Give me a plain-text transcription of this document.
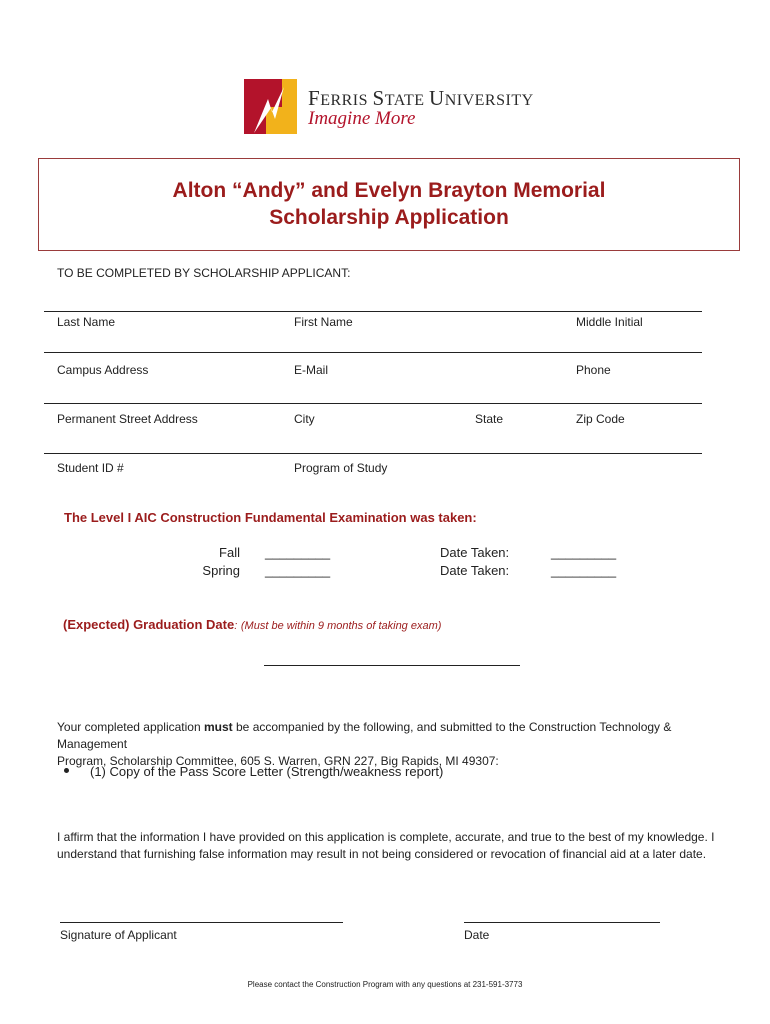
FERRIS STATE UNIVERSITY
Imagine More
Alton “Andy” and Evelyn Brayton Memorial
Scholarship Application
TO BE COMPLETED BY SCHOLARSHIP APPLICANT:
Last Name	First Name	Middle Initial
Campus Address	E-Mail	Phone
Permanent Street Address	City	State	Zip Code
Student ID #	Program of Study
The Level I AIC Construction Fundamental Examination was taken:
Fall _________	Date Taken:	_________
Spring _________	Date Taken:	_________
(Expected) Graduation Date: (Must be within 9 months of taking exam)
Your completed application must be accompanied by the following, and submitted to the Construction Technology & Management
Program, Scholarship Committee, 605 S. Warren, GRN 227, Big Rapids, MI 49307:
(1) Copy of the Pass Score Letter (Strength/weakness report)
I affirm that the information I have provided on this application is complete, accurate, and true to the best of my knowledge. I
understand that furnishing false information may result in not being considered or revocation of financial aid at a later date.
Signature of Applicant	Date
Please contact the Construction Program with any questions at 231-591-3773
